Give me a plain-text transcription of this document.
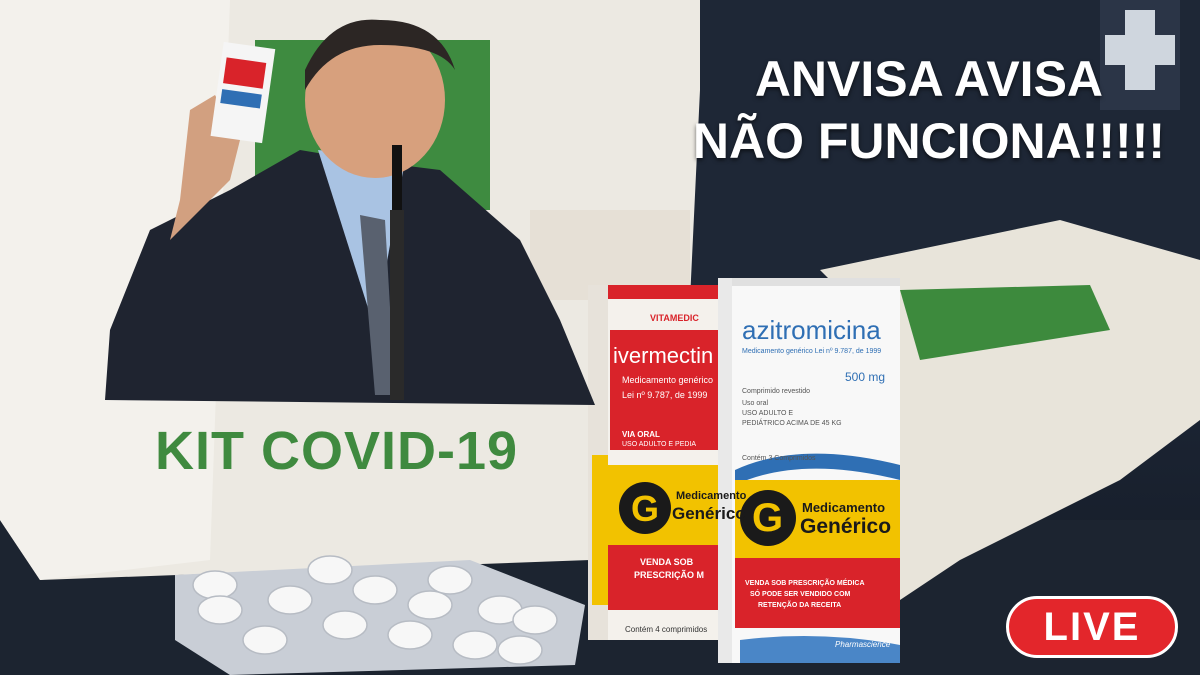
KIT COVID-19
VITAMEDIC
ivermectin
Medicamento genérico
Lei nº 9.787, de 1999
VIA ORAL
USO ADULTO E PEDIA
Medicamento
Genérico
VENDA SOB
PRESCRIÇÃO M
Contém 4 comprimidos
azitromicina
Medicamento genérico Lei nº 9.787, de 1999
500 mg
Comprimido revestido
Uso oral
USO ADULTO E
PEDIÁTRICO ACIMA DE 45 KG
Contém 3 Comprimidos
Medicamento
Genérico
VENDA SOB PRESCRIÇÃO MÉDICA
SÓ PODE SER VENDIDO COM
RETENÇÃO DA RECEITA
Pharmascience
G G
ANVISA AVISA
NÃO FUNCIONA!!!!!
LIVE
